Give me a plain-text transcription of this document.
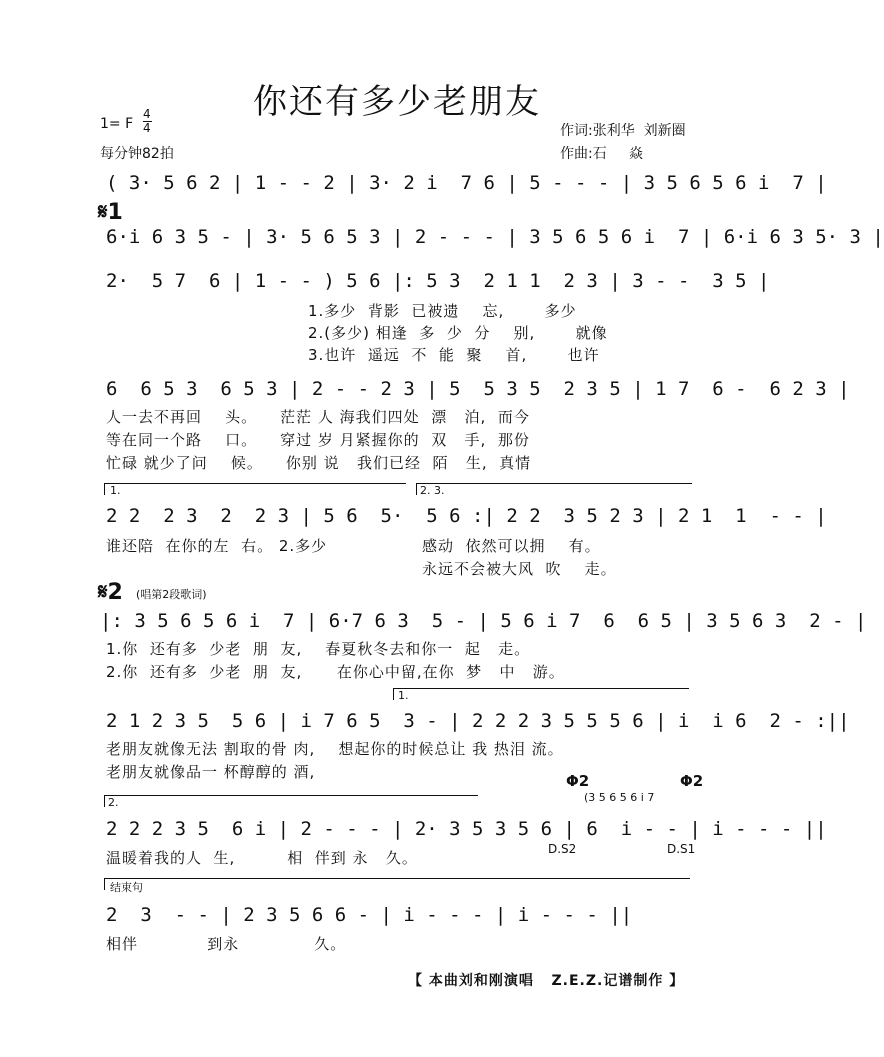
你还有多少老朋友
1= F
4
4
每分钟82拍
作词:张利华  刘新圈
作曲:石     焱
( 3· 5 6 2 | 1 - - 2 | 3· 2 i  7 6 | 5 - - - | 3 5 6 5 6 i  7 |
𝄋1
6·i 6 3 5 - | 3· 5 6 5 3 | 2 - - - | 3 5 6 5 6 i  7 | 6·i 6 3 5· 3 |
2·  5 7  6 | 1 - - ) 5 6 |: 5 3  2 1 1  2 3 | 3 - -  3 5 |
1.多少  背影  已被遗    忘,       多少
2.(多少) 相逢  多  少  分    别,       就像
3.也许  遥远  不  能  聚    首,       也许
6  6 5 3  6 5 3 | 2 - - 2 3 | 5  5 3 5  2 3 5 | 1 7  6 -  6 2 3 |
人一去不再回    头。    茫茫 人 海我们四处  漂   泊,  而今
等在同一个路    口。    穿过 岁 月紧握你的  双   手,  那份
忙碌 就少了问    候。    你别 说   我们已经  陌   生,  真情
1.	2. 3.
2 2  2 3  2  2 3 | 5 6  5·  5 6 :| 2 2  3 5 2 3 | 2 1  1  - - |
谁还陪  在你的左  右。 2.多少	感动  依然可以拥    有。
永远不会被大风  吹    走。
𝄋2 (唱第2段歌词)
|: 3 5 6 5 6 i  7 | 6·7 6 3  5 - | 5 6 i 7  6  6 5 | 3 5 6 3  2 - |
1.你  还有多  少老  朋  友,    春夏秋冬去和你一  起   走。
2.你  还有多  少老  朋  友,      在你心中留,在你  梦   中   游。
1.
2 1 2 3 5  5 6 | i 7 6 5  3 - | 2 2 2 3 5 5 5 6 | i  i 6  2 - :||
老朋友就像无法 割取的骨 肉,    想起你的时候总让 我 热泪 流。
老朋友就像品一 杯醇醇的 酒,	Φ2	Φ2
(3 5 6 5 6 i 7
2.
2 2 2 3 5  6 i | 2 - - - | 2· 3 5 3 5 6 | 6  i - - | i - - - ||
温暖着我的人  生,         相  伴到 永   久。	D.S2	D.S1
结束句
2  3  - - | 2 3 5 6 6 - | i - - - | i - - - ||
相伴            到永             久。
【 本曲刘和刚演唱   Z.E.Z.记谱制作 】
